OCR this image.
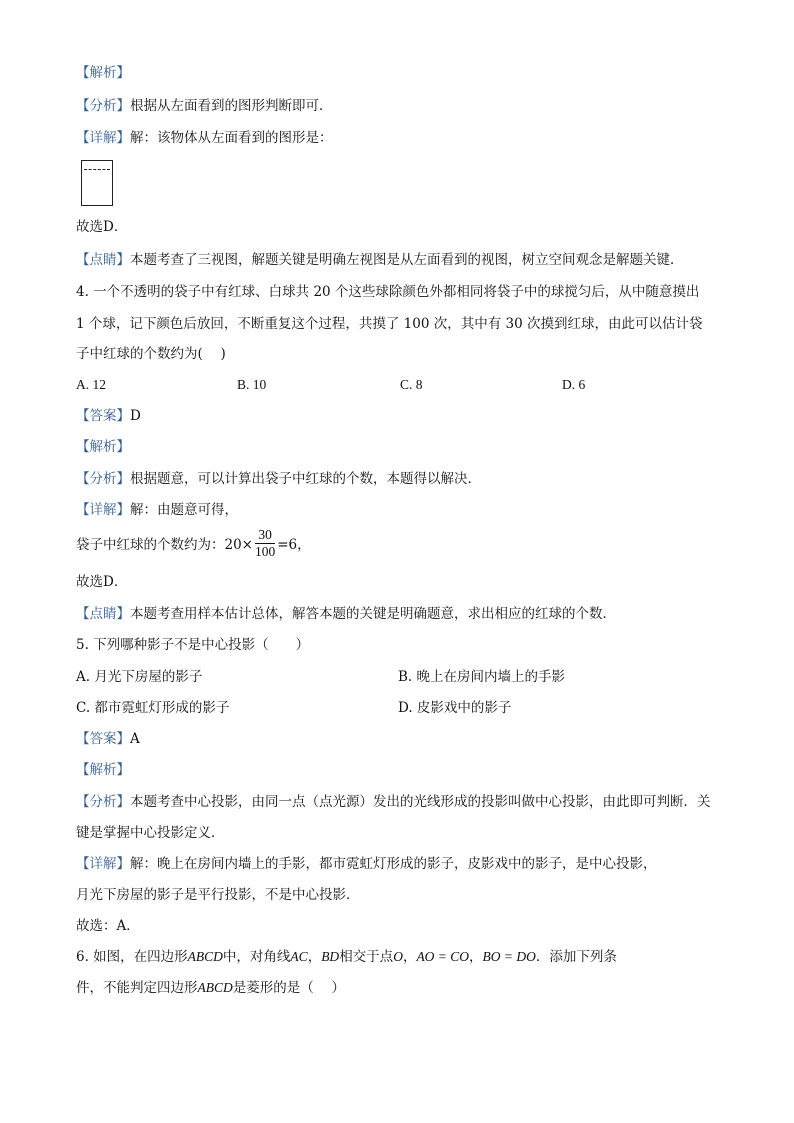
【解析】
【分析】根据从左面看到的图形判断即可．
【详解】解：该物体从左面看到的图形是：
故选D．
【点睛】本题考查了三视图，解题关键是明确左视图是从左面看到的视图，树立空间观念是解题关键．
4. 一个不透明的袋子中有红球、白球共 20 个这些球除颜色外都相同将袋子中的球搅匀后，从中随意摸出
1 个球，记下颜色后放回，不断重复这个过程，共摸了 100 次，其中有 30 次摸到红球，由此可以估计袋
子中红球的个数约为(　 )
A. 12	B. 10	C. 8	D. 6
【答案】D
【解析】
【分析】根据题意，可以计算出袋子中红球的个数，本题得以解决．
【详解】解：由题意可得，
袋子中红球的个数约为：$20\times \frac{30}{100} =6$，
故选D．
【点睛】本题考查用样本估计总体，解答本题的关键是明确题意，求出相应的红球的个数．
5. 下列哪种影子不是中心投影（　　）
A. 月光下房屋的影子	B. 晚上在房间内墙上的手影
C. 都市霓虹灯形成的影子	D. 皮影戏中的影子
【答案】A
【解析】
【分析】本题考查中心投影，由同一点（点光源）发出的光线形成的投影叫做中心投影，由此即可判断．关
键是掌握中心投影定义．
【详解】解：晚上在房间内墙上的手影，都市霓虹灯形成的影子，皮影戏中的影子，是中心投影，
月光下房屋的影子是平行投影，不是中心投影．
故选：A．
6. 如图，在四边形ABCD中，对角线AC，BD相交于点O，AO = CO，BO = DO．添加下列条
件，不能判定四边形ABCD是菱形的是（　 ）
